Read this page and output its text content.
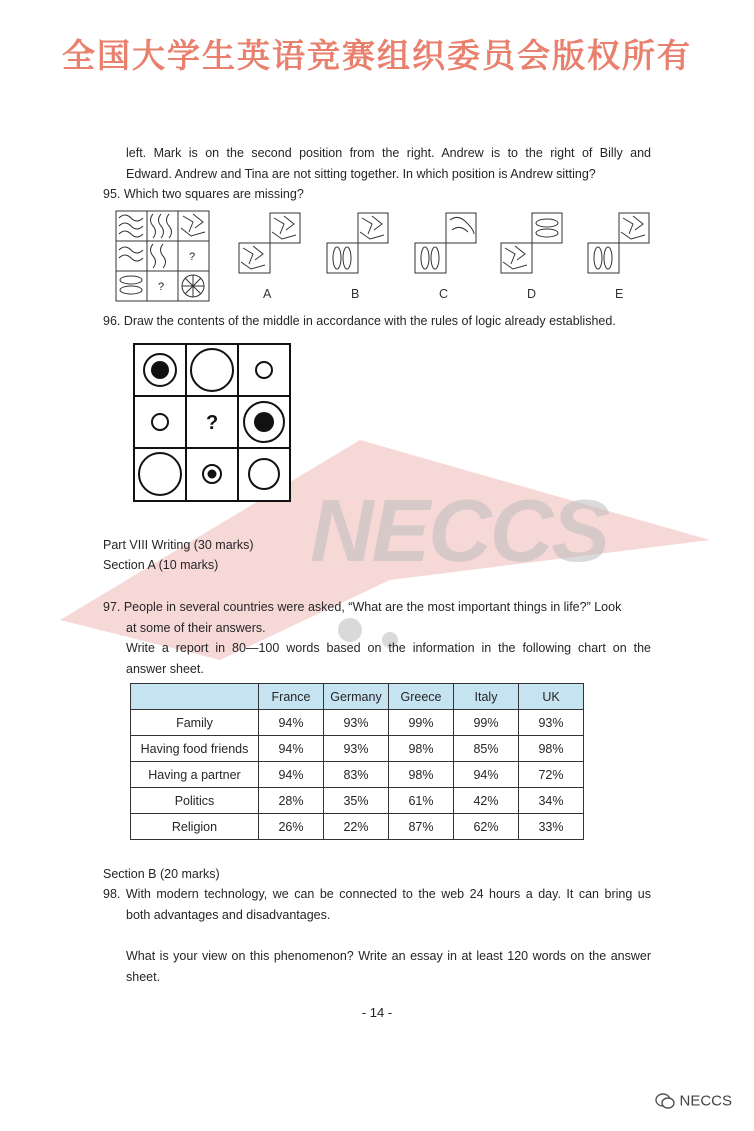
全国大学生英语竞赛组织委员会版权所有
NECCS
left. Mark is on the second position from the right. Andrew is to the right of Billy and
Edward. Andrew and Tina are not sitting together. In which position is Andrew sitting?
95. Which two squares are missing?
?
?	A	B	C	D	E
96. Draw the contents of the middle in accordance with the rules of logic already established.
?
Part VIII Writing (30 marks)
Section A (10 marks)
97. People in several countries were asked, “What are the most important things in life?” Look
at some of their answers.
Write a report in 80—100 words based on the information in the following chart on the
answer sheet.
	France	Germany	Greece	Italy	UK
Family	94%	93%	99%	99%	93%
Having food friends	94%	93%	98%	85%	98%
Having a partner	94%	83%	98%	94%	72%
Politics	28%	35%	61%	42%	34%
Religion	26%	22%	87%	62%	33%
Section B (20 marks)
98. With modern technology, we can be connected to the web 24 hours a day. It can bring us
both advantages and disadvantages.
What is your view on this phenomenon? Write an essay in at least 120 words on the answer
sheet.
- 14 -
NECCS
